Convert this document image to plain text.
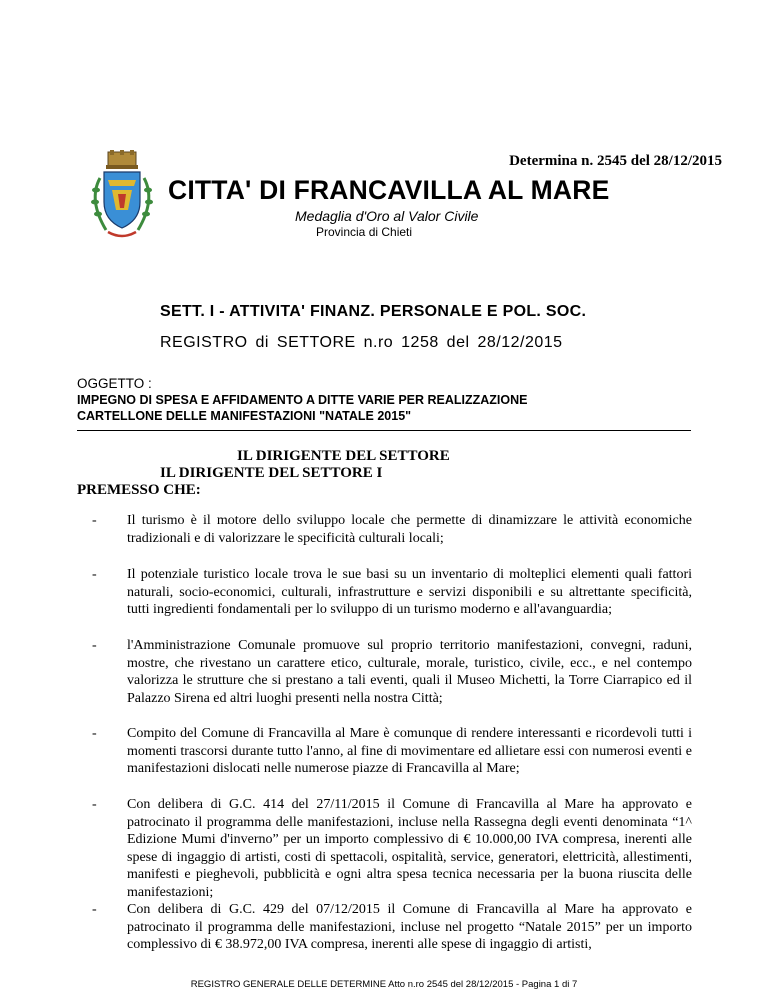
Determina n. 2545 del 28/12/2015
CITTA' DI FRANCAVILLA AL MARE
Medaglia d'Oro al Valor Civile
Provincia di Chieti
SETT. I - ATTIVITA' FINANZ. PERSONALE E POL. SOC.
REGISTRO di SETTORE n.ro 1258 del 28/12/2015
OGGETTO :
IMPEGNO DI SPESA E AFFIDAMENTO A DITTE VARIE PER REALIZZAZIONE
CARTELLONE DELLE MANIFESTAZIONI "NATALE 2015"
IL DIRIGENTE DEL SETTORE
IL DIRIGENTE DEL SETTORE I
PREMESSO CHE:
- Il turismo è il motore dello sviluppo locale che permette di dinamizzare le attività economiche tradizionali e di valorizzare le specificità culturali locali;
- Il potenziale turistico locale trova le sue basi su un inventario di molteplici elementi quali fattori naturali, socio-economici, culturali, infrastrutture e servizi disponibili e su altrettante specificità, tutti ingredienti fondamentali per lo sviluppo di un turismo moderno e all'avanguardia;
- l'Amministrazione Comunale promuove sul proprio territorio manifestazioni, convegni, raduni, mostre, che rivestano un carattere etico, culturale, morale, turistico, civile, ecc., e nel contempo valorizza le strutture che si prestano a tali eventi, quali il Museo Michetti, la Torre Ciarrapico ed il Palazzo Sirena ed altri luoghi presenti nella nostra Città;
- Compito del Comune di Francavilla al Mare è comunque di rendere interessanti e ricordevoli tutti i momenti trascorsi durante tutto l'anno, al fine di movimentare ed allietare essi con numerosi eventi e manifestazioni dislocati nelle numerose piazze di Francavilla al Mare;
- Con delibera di G.C. 414 del 27/11/2015 il Comune di Francavilla al Mare ha approvato e patrocinato il programma delle manifestazioni, incluse nella Rassegna degli eventi denominata “1^ Edizione Mumi d'inverno” per un importo complessivo di € 10.000,00 IVA compresa, inerenti alle spese di ingaggio di artisti, costi di spettacoli, ospitalità, service, generatori, elettricità, allestimenti, manifesti e pieghevoli, pubblicità e ogni altra spesa tecnica necessaria per la buona riuscita delle manifestazioni;
- Con delibera di G.C. 429 del 07/12/2015 il Comune di Francavilla al Mare ha approvato e patrocinato il programma delle manifestazioni, incluse nel progetto “Natale 2015” per un importo complessivo di € 38.972,00 IVA compresa, inerenti alle spese di ingaggio di artisti,
REGISTRO GENERALE DELLE DETERMINE Atto n.ro 2545 del 28/12/2015 - Pagina 1 di 7
